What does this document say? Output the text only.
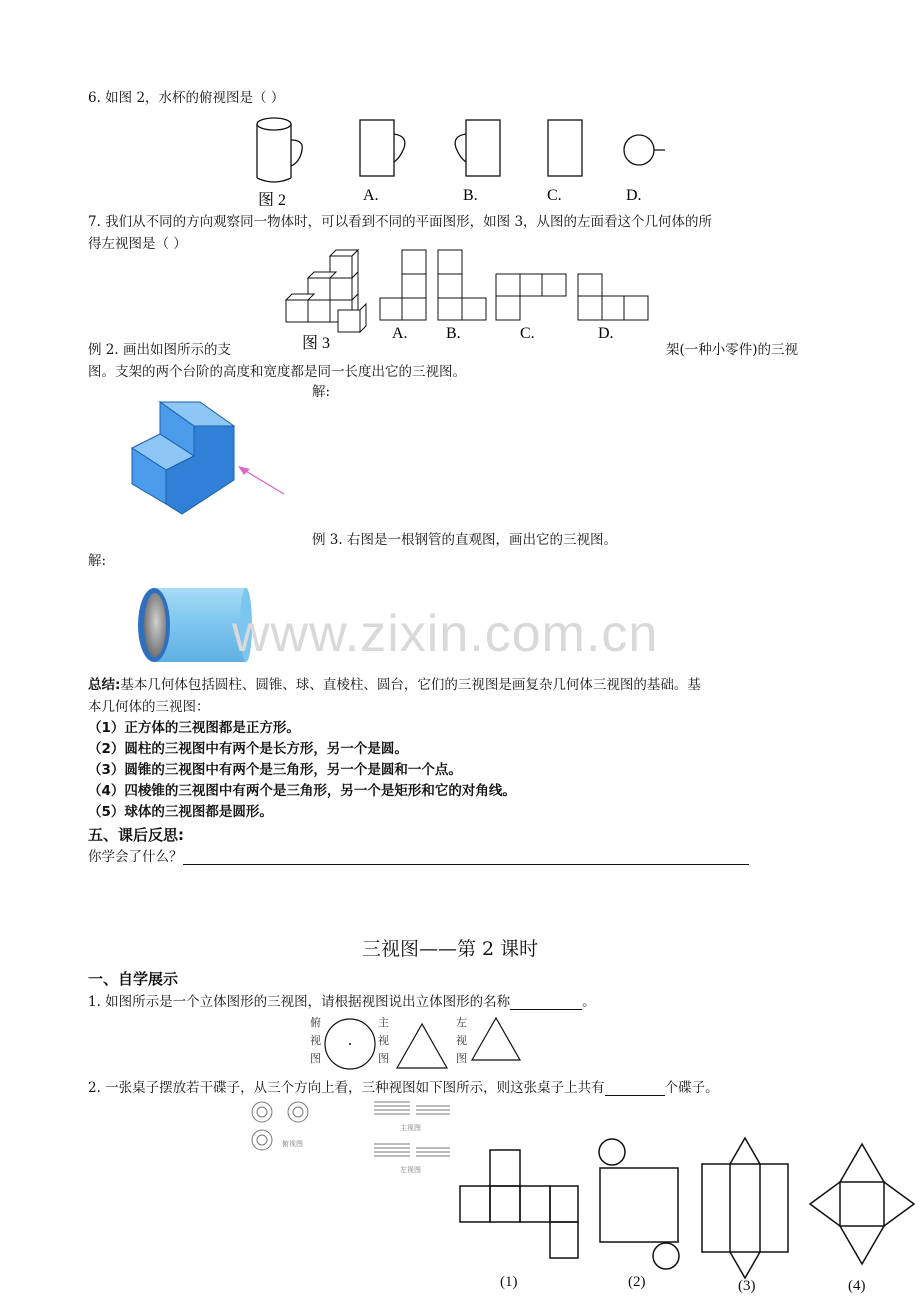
6. 如图 2，水杯的俯视图是（ ）
图 2	A.	B.	C.	D.
7. 我们从不同的方向观察同一物体时，可以看到不同的平面图形，如图 3，从图的左面看这个几何体的所
得左视图是（ ）
图 3
A. B.	C.	D.
例 2. 画出如图所示的支	架(一种小零件)的三视
图。支架的两个台阶的高度和宽度都是同一长度出它的三视图。
解:
例 3. 右图是一根钢管的直观图，画出它的三视图。
解:
www.zixin.com.cn
总结:基本几何体包括圆柱、圆锥、球、直棱柱、圆台，它们的三视图是画复杂几何体三视图的基础。基
本几何体的三视图：
（1）正方体的三视图都是正方形。
（2）圆柱的三视图中有两个是长方形，另一个是圆。
（3）圆锥的三视图中有两个是三角形，另一个是圆和一个点。
（4）四棱锥的三视图中有两个是三角形，另一个是矩形和它的对角线。
（5）球体的三视图都是圆形。
五、课后反思:
你学会了什么？
三视图——第 2 课时
一、自学展示
1. 如图所示是一个立体图形的三视图，请根据视图说出立体图形的名称	。
俯
视
图
主
视
图
左
视
图
2. 一张桌子摆放若干碟子，从三个方向上看，三种视图如下图所示，则这张桌子上共有	个碟子。
俯视图
主视图
左视图
(1)	(2)	(3)	(4)
